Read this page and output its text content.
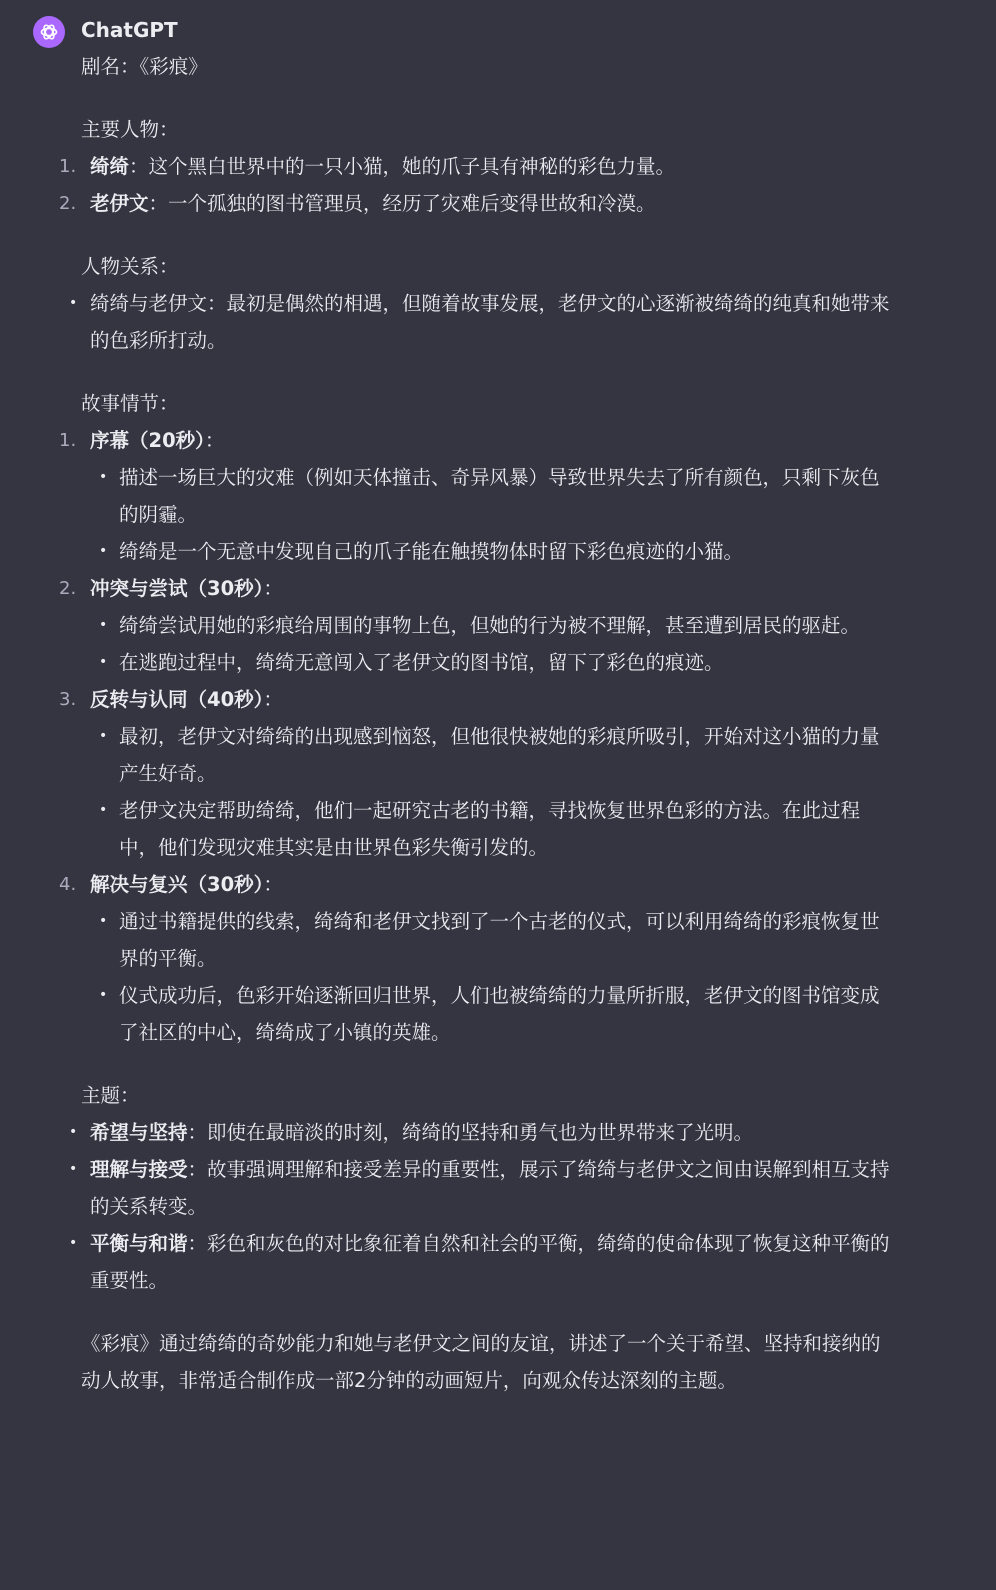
ChatGPT

剧名：《彩痕》

主要人物：

1. 绮绮：这个黑白世界中的一只小猫，她的爪子具有神秘的彩色力量。
2. 老伊文：一个孤独的图书管理员，经历了灾难后变得世故和冷漠。

人物关系：

• 绮绮与老伊文：最初是偶然的相遇，但随着故事发展，老伊文的心逐渐被绮绮的纯真和她带来的色彩所打动。

故事情节：

1. 序幕（20秒）：
• 描述一场巨大的灾难（例如天体撞击、奇异风暴）导致世界失去了所有颜色，只剩下灰色的阴霾。
• 绮绮是一个无意中发现自己的爪子能在触摸物体时留下彩色痕迹的小猫。
2. 冲突与尝试（30秒）：
• 绮绮尝试用她的彩痕给周围的事物上色，但她的行为被不理解，甚至遭到居民的驱赶。
• 在逃跑过程中，绮绮无意闯入了老伊文的图书馆，留下了彩色的痕迹。
3. 反转与认同（40秒）：
• 最初，老伊文对绮绮的出现感到恼怒，但他很快被她的彩痕所吸引，开始对这小猫的力量产生好奇。
• 老伊文决定帮助绮绮，他们一起研究古老的书籍，寻找恢复世界色彩的方法。在此过程中，他们发现灾难其实是由世界色彩失衡引发的。
4. 解决与复兴（30秒）：
• 通过书籍提供的线索，绮绮和老伊文找到了一个古老的仪式，可以利用绮绮的彩痕恢复世界的平衡。
• 仪式成功后，色彩开始逐渐回归世界，人们也被绮绮的力量所折服，老伊文的图书馆变成了社区的中心，绮绮成了小镇的英雄。

主题：

• 希望与坚持：即使在最暗淡的时刻，绮绮的坚持和勇气也为世界带来了光明。
• 理解与接受：故事强调理解和接受差异的重要性，展示了绮绮与老伊文之间由误解到相互支持的关系转变。
• 平衡与和谐：彩色和灰色的对比象征着自然和社会的平衡，绮绮的使命体现了恢复这种平衡的重要性。

《彩痕》通过绮绮的奇妙能力和她与老伊文之间的友谊，讲述了一个关于希望、坚持和接纳的动人故事，非常适合制作成一部2分钟的动画短片，向观众传达深刻的主题。
